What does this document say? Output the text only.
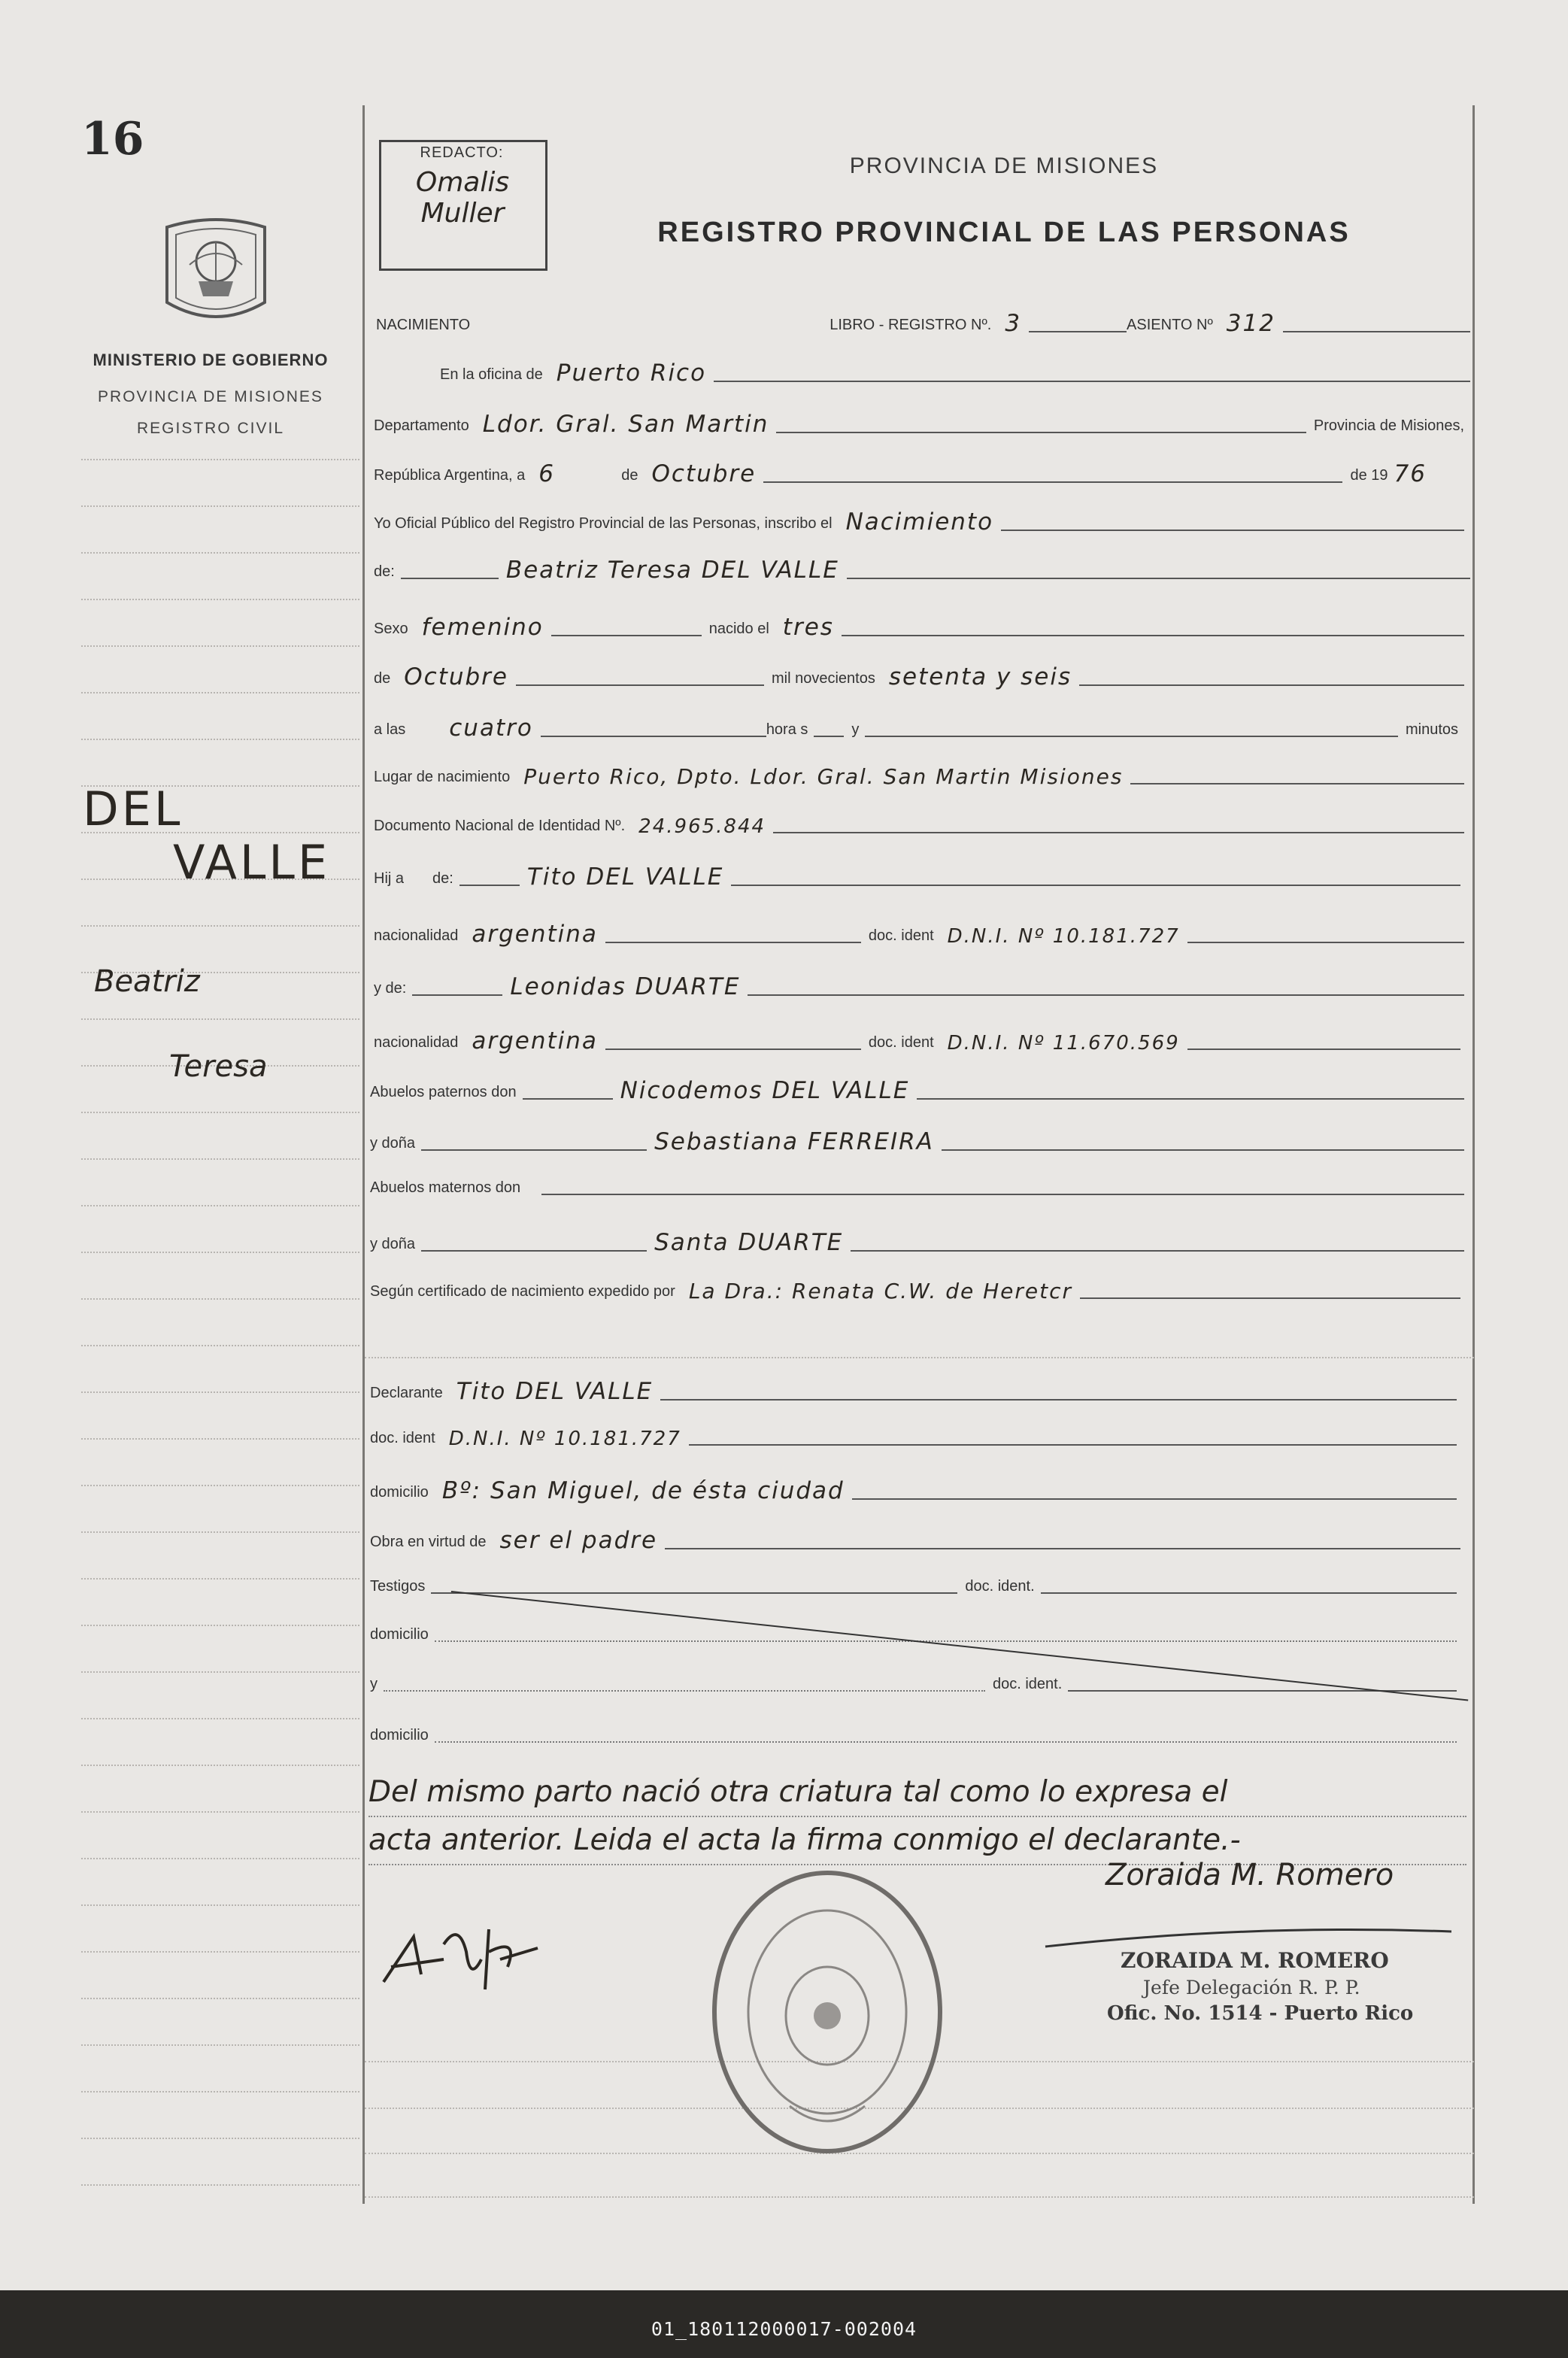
16
MINISTERIO DE GOBIERNO
PROVINCIA DE MISIONES
REGISTRO CIVIL
DEL
VALLE
Beatriz
Teresa
REDACTO:
Omalis Muller
PROVINCIA DE MISIONES
REGISTRO PROVINCIAL DE LAS PERSONAS
NACIMIENTO	LIBRO - REGISTRO Nº. 3	ASIENTO Nº 312
En la oficina de Puerto Rico
Departamento Ldor. Gral. San Martin	Provincia de Misiones,
República Argentina, a 6	de Octubre	de 19 76
Yo Oficial Público del Registro Provincial de las Personas, inscribo el Nacimiento
de:	Beatriz Teresa DEL VALLE
Sexo femenino	nacido el tres
de Octubre	mil novecientos setenta y seis
a las	cuatro	hora s	y	minutos
Lugar de nacimiento Puerto Rico, Dpto. Ldor. Gral. San Martin Misiones
Documento Nacional de Identidad Nº. 24.965.844
Hij a	de:	Tito DEL VALLE
nacionalidad argentina	doc. ident D.N.I. Nº 10.181.727
y de:	Leonidas DUARTE
nacionalidad argentina	doc. ident D.N.I. Nº 11.670.569
Abuelos paternos don	Nicodemos DEL VALLE
y doña	Sebastiana FERREIRA
Abuelos maternos don
y doña	Santa DUARTE
Según certificado de nacimiento expedido por La Dra.: Renata C.W. de Heretcr
Declarante Tito DEL VALLE
doc. ident D.N.I. Nº 10.181.727
domicilio Bº: San Miguel, de ésta ciudad
Obra en virtud de ser el padre
Testigos	doc. ident.
domicilio
y	doc. ident.
domicilio
Del mismo parto nació otra criatura tal como lo expresa el
acta anterior. Leida el acta la firma conmigo el declarante.-
Zoraida M. Romero
ZORAIDA M. ROMERO
Jefe Delegación R. P. P.
Ofic. No. 1514 - Puerto Rico
01_180112000017-002004
